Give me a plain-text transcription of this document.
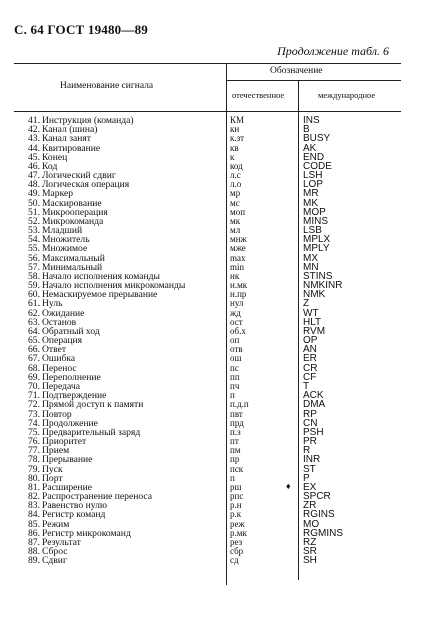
С. 64 ГОСТ 19480—89
Продолжение табл. 6
Наименование сигнала
Обозначение
отечественное	международное
41. Инструкция (команда)	КМ	INS
42. Канал (шина)	кн	B
43. Канал занят	к.зт	BUSY
44. Квитирование	кв	AK
45. Конец	к	END
46. Код	код	CODE
47. Логический сдвиг	л.с	LSH
48. Логическая операция	л.о	LOP
49. Маркер	мр	MR
50. Маскирование	мс	MK
51. Микрооперация	моп	MOP
52. Микрокоманда	мк	MINS
53. Младший	мл	LSB
54. Множитель	мнж	MPLX
55. Множимое	мже	MPLY
56. Максимальный	max	MX
57. Минимальный	min	MN
58. Начало исполнения команды	нк	STINS
59. Начало исполнения микрокоманды	н.мк	NMKINR
60. Немаскируемое прерывание	н.пр	NMK
61. Нуль	нул	Z
62. Ожидание	жд	WT
63. Останов	ост	HLT
64. Обратный ход	об.х	RVM
65. Операция	оп	OP
66. Ответ	отв	AN
67. Ошибка	ош	ER
68. Перенос	пс	CR
69. Переполнение	пп	CF
70. Передача	пч	T
71. Подтверждение	п	ACK
72. Прямой доступ к памяти	п.д.п	DMA
73. Повтор	пвт	RP
74. Продолжение	прд	CN
75. Предварительный заряд	п.з	PSH
76. Приоритет	пт	PR
77. Прием	пм	R
78. Прерывание	пр	INR
79. Пуск	пск	ST
80. Порт	п	P
81. Расширение	рш	EX
82. Распространение переноса	рпс	SPCR
83. Равенство нулю	р.н	ZR
84. Регистр команд	р.к	RGINS
85. Режим	реж	MO
86. Регистр микрокоманд	р.мк	RGMINS
87. Результат	рез	RZ
88. Сброс	сбр	SR
89. Сдвиг	сд	SH
♦
